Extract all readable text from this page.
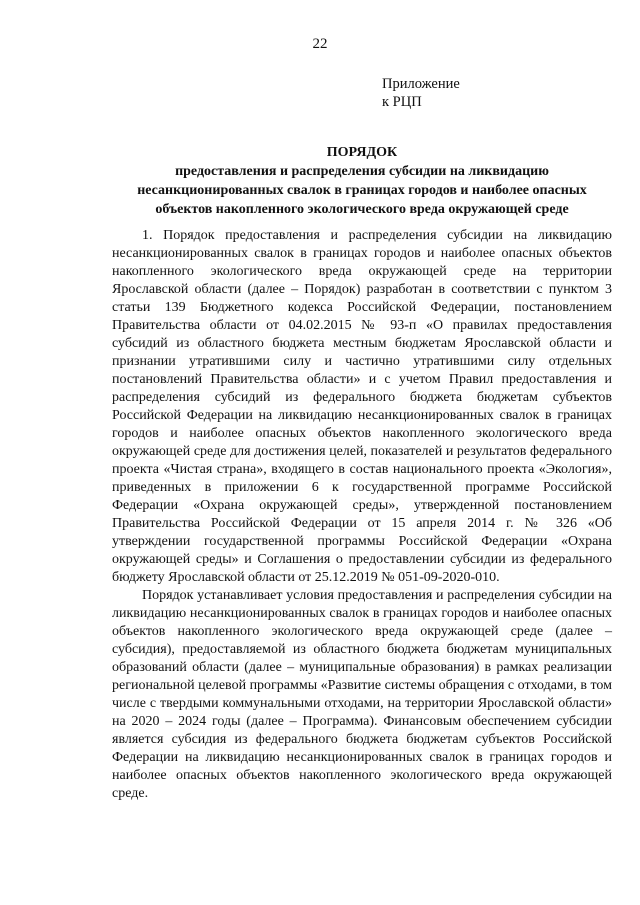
22
Приложение
к РЦП
ПОРЯДОК
предоставления и распределения субсидии на ликвидацию
несанкционированных свалок в границах городов и наиболее опасных
объектов накопленного экологического вреда окружающей среде

1. Порядок предоставления и распределения субсидии на ликвидацию несанкционированных свалок в границах городов и наиболее опасных объектов накопленного экологического вреда окружающей среде на территории Ярославской области (далее – Порядок) разработан в соответствии с пунктом 3 статьи 139 Бюджетного кодекса Российской Федерации, постановлением Правительства области от 04.02.2015 № 93-п «О правилах предоставления субсидий из областного бюджета местным бюджетам Ярославской области и признании утратившими силу и частично утратившими силу отдельных постановлений Правительства области» и с учетом Правил предоставления и распределения субсидий из федерального бюджета бюджетам субъектов Российской Федерации на ликвидацию несанкционированных свалок в границах городов и наиболее опасных объектов накопленного экологического вреда окружающей среде для достижения целей, показателей и результатов федерального проекта «Чистая страна», входящего в состав национального проекта «Экология», приведенных в приложении 6 к государственной программе Российской Федерации «Охрана окружающей среды», утвержденной постановлением Правительства Российской Федерации от 15 апреля 2014 г. № 326 «Об утверждении государственной программы Российской Федерации «Охрана окружающей среды» и Соглашения о предоставлении субсидии из федерального бюджету Ярославской области от 25.12.2019 № 051-09-2020-010.

Порядок устанавливает условия предоставления и распределения субсидии на ликвидацию несанкционированных свалок в границах городов и наиболее опасных объектов накопленного экологического вреда окружающей среде (далее – субсидия), предоставляемой из областного бюджета бюджетам муниципальных образований области (далее – муниципальные образования) в рамках реализации региональной целевой программы «Развитие системы обращения с отходами, в том числе с твердыми коммунальными отходами, на территории Ярославской области» на 2020 – 2024 годы (далее – Программа). Финансовым обеспечением субсидии является субсидия из федерального бюджета бюджетам субъектов Российской Федерации на ликвидацию несанкционированных свалок в границах городов и наиболее опасных объектов накопленного экологического вреда окружающей среде.
